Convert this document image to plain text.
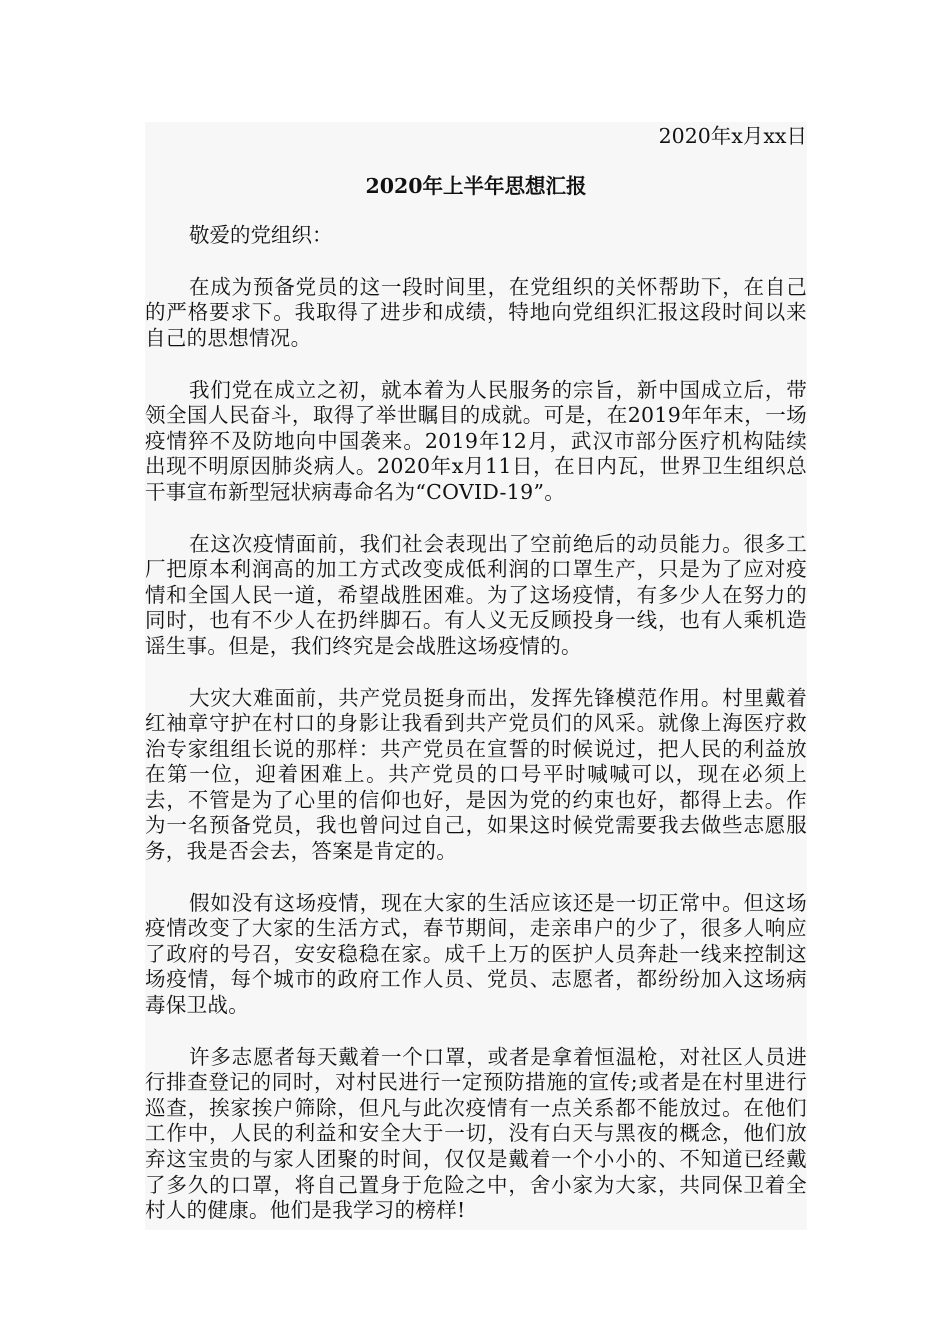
2020年x月xx日

2020年上半年思想汇报

敬爱的党组织：

在成为预备党员的这一段时间里，在党组织的关怀帮助下，在自己的严格要求下。我取得了进步和成绩，特地向党组织汇报这段时间以来自己的思想情况。

我们党在成立之初，就本着为人民服务的宗旨，新中国成立后，带领全国人民奋斗，取得了举世瞩目的成就。可是，在2019年年末，一场疫情猝不及防地向中国袭来。2019年12月，武汉市部分医疗机构陆续出现不明原因肺炎病人。2020年x月11日，在日内瓦，世界卫生组织总干事宣布新型冠状病毒命名为“COVID-19”。

在这次疫情面前，我们社会表现出了空前绝后的动员能力。很多工厂把原本利润高的加工方式改变成低利润的口罩生产，只是为了应对疫情和全国人民一道，希望战胜困难。为了这场疫情，有多少人在努力的同时，也有不少人在扔绊脚石。有人义无反顾投身一线，也有人乘机造谣生事。但是，我们终究是会战胜这场疫情的。

大灾大难面前，共产党员挺身而出，发挥先锋模范作用。村里戴着红袖章守护在村口的身影让我看到共产党员们的风采。就像上海医疗救治专家组组长说的那样：共产党员在宣誓的时候说过，把人民的利益放在第一位，迎着困难上。共产党员的口号平时喊喊可以，现在必须上去，不管是为了心里的信仰也好，是因为党的约束也好，都得上去。作为一名预备党员，我也曾问过自己，如果这时候党需要我去做些志愿服务，我是否会去，答案是肯定的。

假如没有这场疫情，现在大家的生活应该还是一切正常中。但这场疫情改变了大家的生活方式，春节期间，走亲串户的少了，很多人响应了政府的号召，安安稳稳在家。成千上万的医护人员奔赴一线来控制这场疫情，每个城市的政府工作人员、党员、志愿者，都纷纷加入这场病毒保卫战。

许多志愿者每天戴着一个口罩，或者是拿着恒温枪，对社区人员进行排查登记的同时，对村民进行一定预防措施的宣传;或者是在村里进行巡查，挨家挨户筛除，但凡与此次疫情有一点关系都不能放过。在他们工作中，人民的利益和安全大于一切，没有白天与黑夜的概念，他们放弃这宝贵的与家人团聚的时间，仅仅是戴着一个小小的、不知道已经戴了多久的口罩，将自己置身于危险之中，舍小家为大家，共同保卫着全村人的健康。他们是我学习的榜样!
